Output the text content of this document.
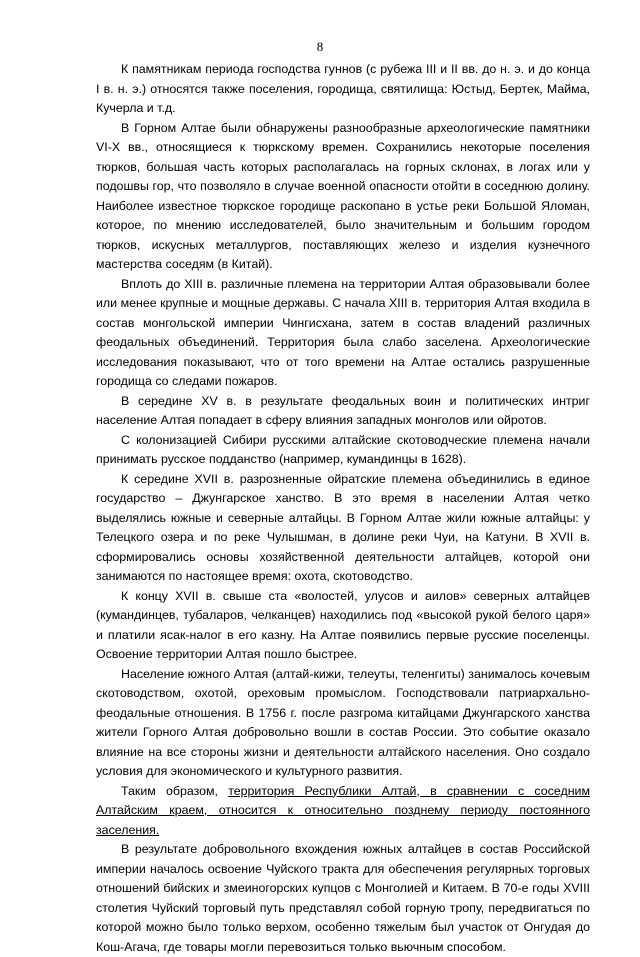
8

К памятникам периода господства гуннов (с рубежа III и II вв. до н. э. и до конца I в. н. э.) относятся также поселения, городища, святилища: Юстыд, Бертек, Майма, Кучерла и т.д.

В Горном Алтае были обнаружены разнообразные археологические памятники VI-X вв., относящиеся к тюркскому времен. Сохранились некоторые поселения тюрков, большая часть которых располагалась на горных склонах, в логах или у подошвы гор, что позволяло в случае военной опасности отойти в соседнюю долину. Наиболее известное тюркское городище раскопано в устье реки Большой Яломан, которое, по мнению исследователей, было значительным и большим городом тюрков, искусных металлургов, поставляющих железо и изделия кузнечного мастерства соседям (в Китай).

Вплоть до XIII в. различные племена на территории Алтая образовывали более или менее крупные и мощные державы. С начала XIII в. территория Алтая входила в состав монгольской империи Чингисхана, затем в состав владений различных феодальных объединений. Территория была слабо заселена. Археологические исследования показывают, что от того времени на Алтае остались разрушенные городища со следами пожаров.

В середине XV в. в результате феодальных воин и политических интриг население Алтая попадает в сферу влияния западных монголов или ойротов.

С колонизацией Сибири русскими алтайские скотоводческие племена начали принимать русское подданство (например, кумандинцы в 1628).

К середине XVII в. разрозненные ойратские племена объединились в единое государство – Джунгарское ханство. В это время в населении Алтая четко выделялись южные и северные алтайцы. В Горном Алтае жили южные алтайцы: у Телецкого озера и по реке Чулышман, в долине реки Чуи, на Катуни. В XVII в. сформировались основы хозяйственной деятельности алтайцев, которой они занимаются по настоящее время: охота, скотоводство.

К концу XVII в. свыше ста «волостей, улусов и аилов» северных алтайцев (кумандинцев, тубаларов, челканцев) находились под «высокой рукой белого царя» и платили ясак-налог в его казну. На Алтае появились первые русские поселенцы. Освоение территории Алтая пошло быстрее.

Население южного Алтая (алтай-кижи, телеуты, теленгиты) занималось кочевым скотоводством, охотой, ореховым промыслом. Господствовали патриархально-феодальные отношения. В 1756 г. после разгрома китайцами Джунгарского ханства жители Горного Алтая добровольно вошли в состав России. Это событие оказало влияние на все стороны жизни и деятельности алтайского населения. Оно создало условия для экономического и культурного развития.

Таким образом, территория Республики Алтай, в сравнении с соседним Алтайским краем, относится к относительно позднему периоду постоянного заселения.

В результате добровольного вхождения южных алтайцев в состав Российской империи началось освоение Чуйского тракта для обеспечения регулярных торговых отношений бийских и змеиногорских купцов с Монголией и Китаем. В 70-е годы XVIII столетия Чуйский торговый путь представлял собой горную тропу, передвигаться по которой можно было только верхом, особенно тяжелым был участок от Онгудая до Кош-Агача, где товары могли перевозиться только вьючным способом.
